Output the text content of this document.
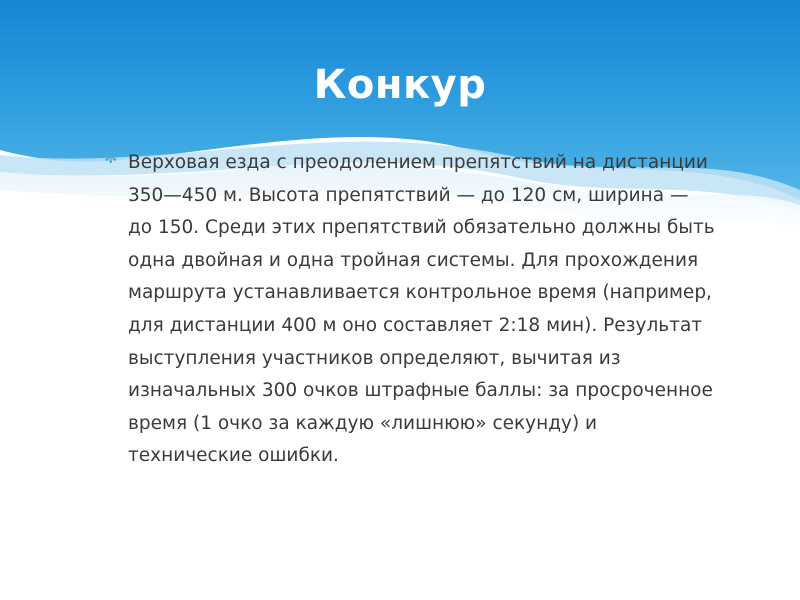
Конкур
✻ Верховая езда с преодолением препятствий на дистанции 350—450 м. Высота препятствий — до 120 см, ширина — до 150. Среди этих препятствий обязательно должны быть одна двойная и одна тройная системы. Для прохождения маршрута устанавливается контрольное время (например, для дистанции 400 м оно составляет 2:18 мин). Результат выступления участников определяют, вычитая из изначальных 300 очков штрафные баллы: за просроченное время (1 очко за каждую «лишнюю» секунду) и технические ошибки.
